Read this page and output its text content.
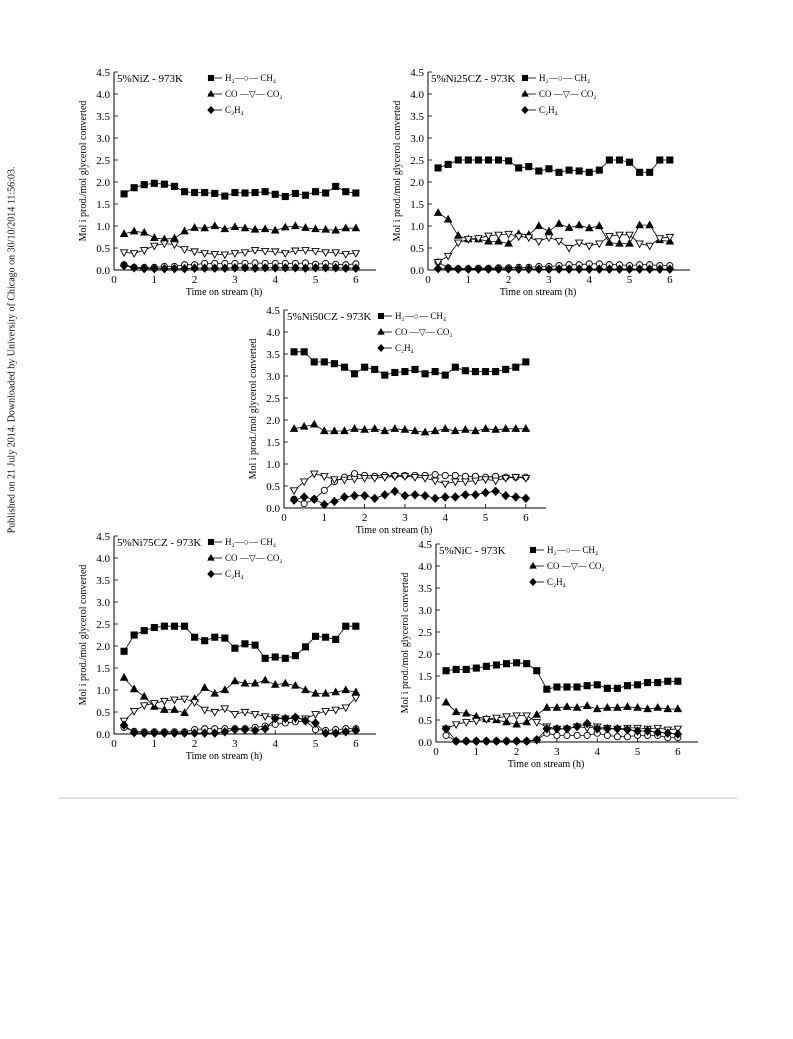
Published on 21 July 2014. Downloaded by University of Chicago on 30/10/2014 11:56:03.	0.0
0.5
1.0
1.5
2.0
2.5
3.0
3.5
4.0
4.5
0	1	2	3	4	5	6
Time on stream (h)
Mol i prod./mol glycerol converted
5%NiZ - 973K	H₂—○— CH₄
CO —▽— CO₂
C₂H₄
0.0
0.5
1.0
1.5
2.0
2.5
3.0
3.5
4.0
4.5
0	1	2	3	4	5	6
Time on stream (h)
Mol i prod./mol glycerol converted
5%Ni25CZ - 973K	H₂—○— CH₄
CO —▽— CO₂
C₂H₄
0.0
0.5
1.0
1.5
2.0
2.5
3.0
3.5
4.0
4.5
0	1	2	3	4	5	6
Time on stream (h)
Mol i prod./mol glycerol converted
5%Ni50CZ - 973K	H₂—○— CH₄
CO —▽— CO₂
C₂H₄
0.0
0.5
1.0
1.5
2.0
2.5
3.0
3.5
4.0
4.5
0	1	2	3	4	5	6
Time on stream (h)
Mol i prod./mol glycerol converted
5%Ni75CZ - 973K	H₂—○— CH₄
CO —▽— CO₂
C₂H₄
0.0
0.5
1.0
1.5
2.0
2.5
3.0
3.5
4.0
4.5
0	1	2	3	4	5	6
Time on stream (h)
Mol i prod./mol glycerol converted
5%NiC - 973K	H₂—○— CH₄
CO —▽— CO₂
C₂H₄
